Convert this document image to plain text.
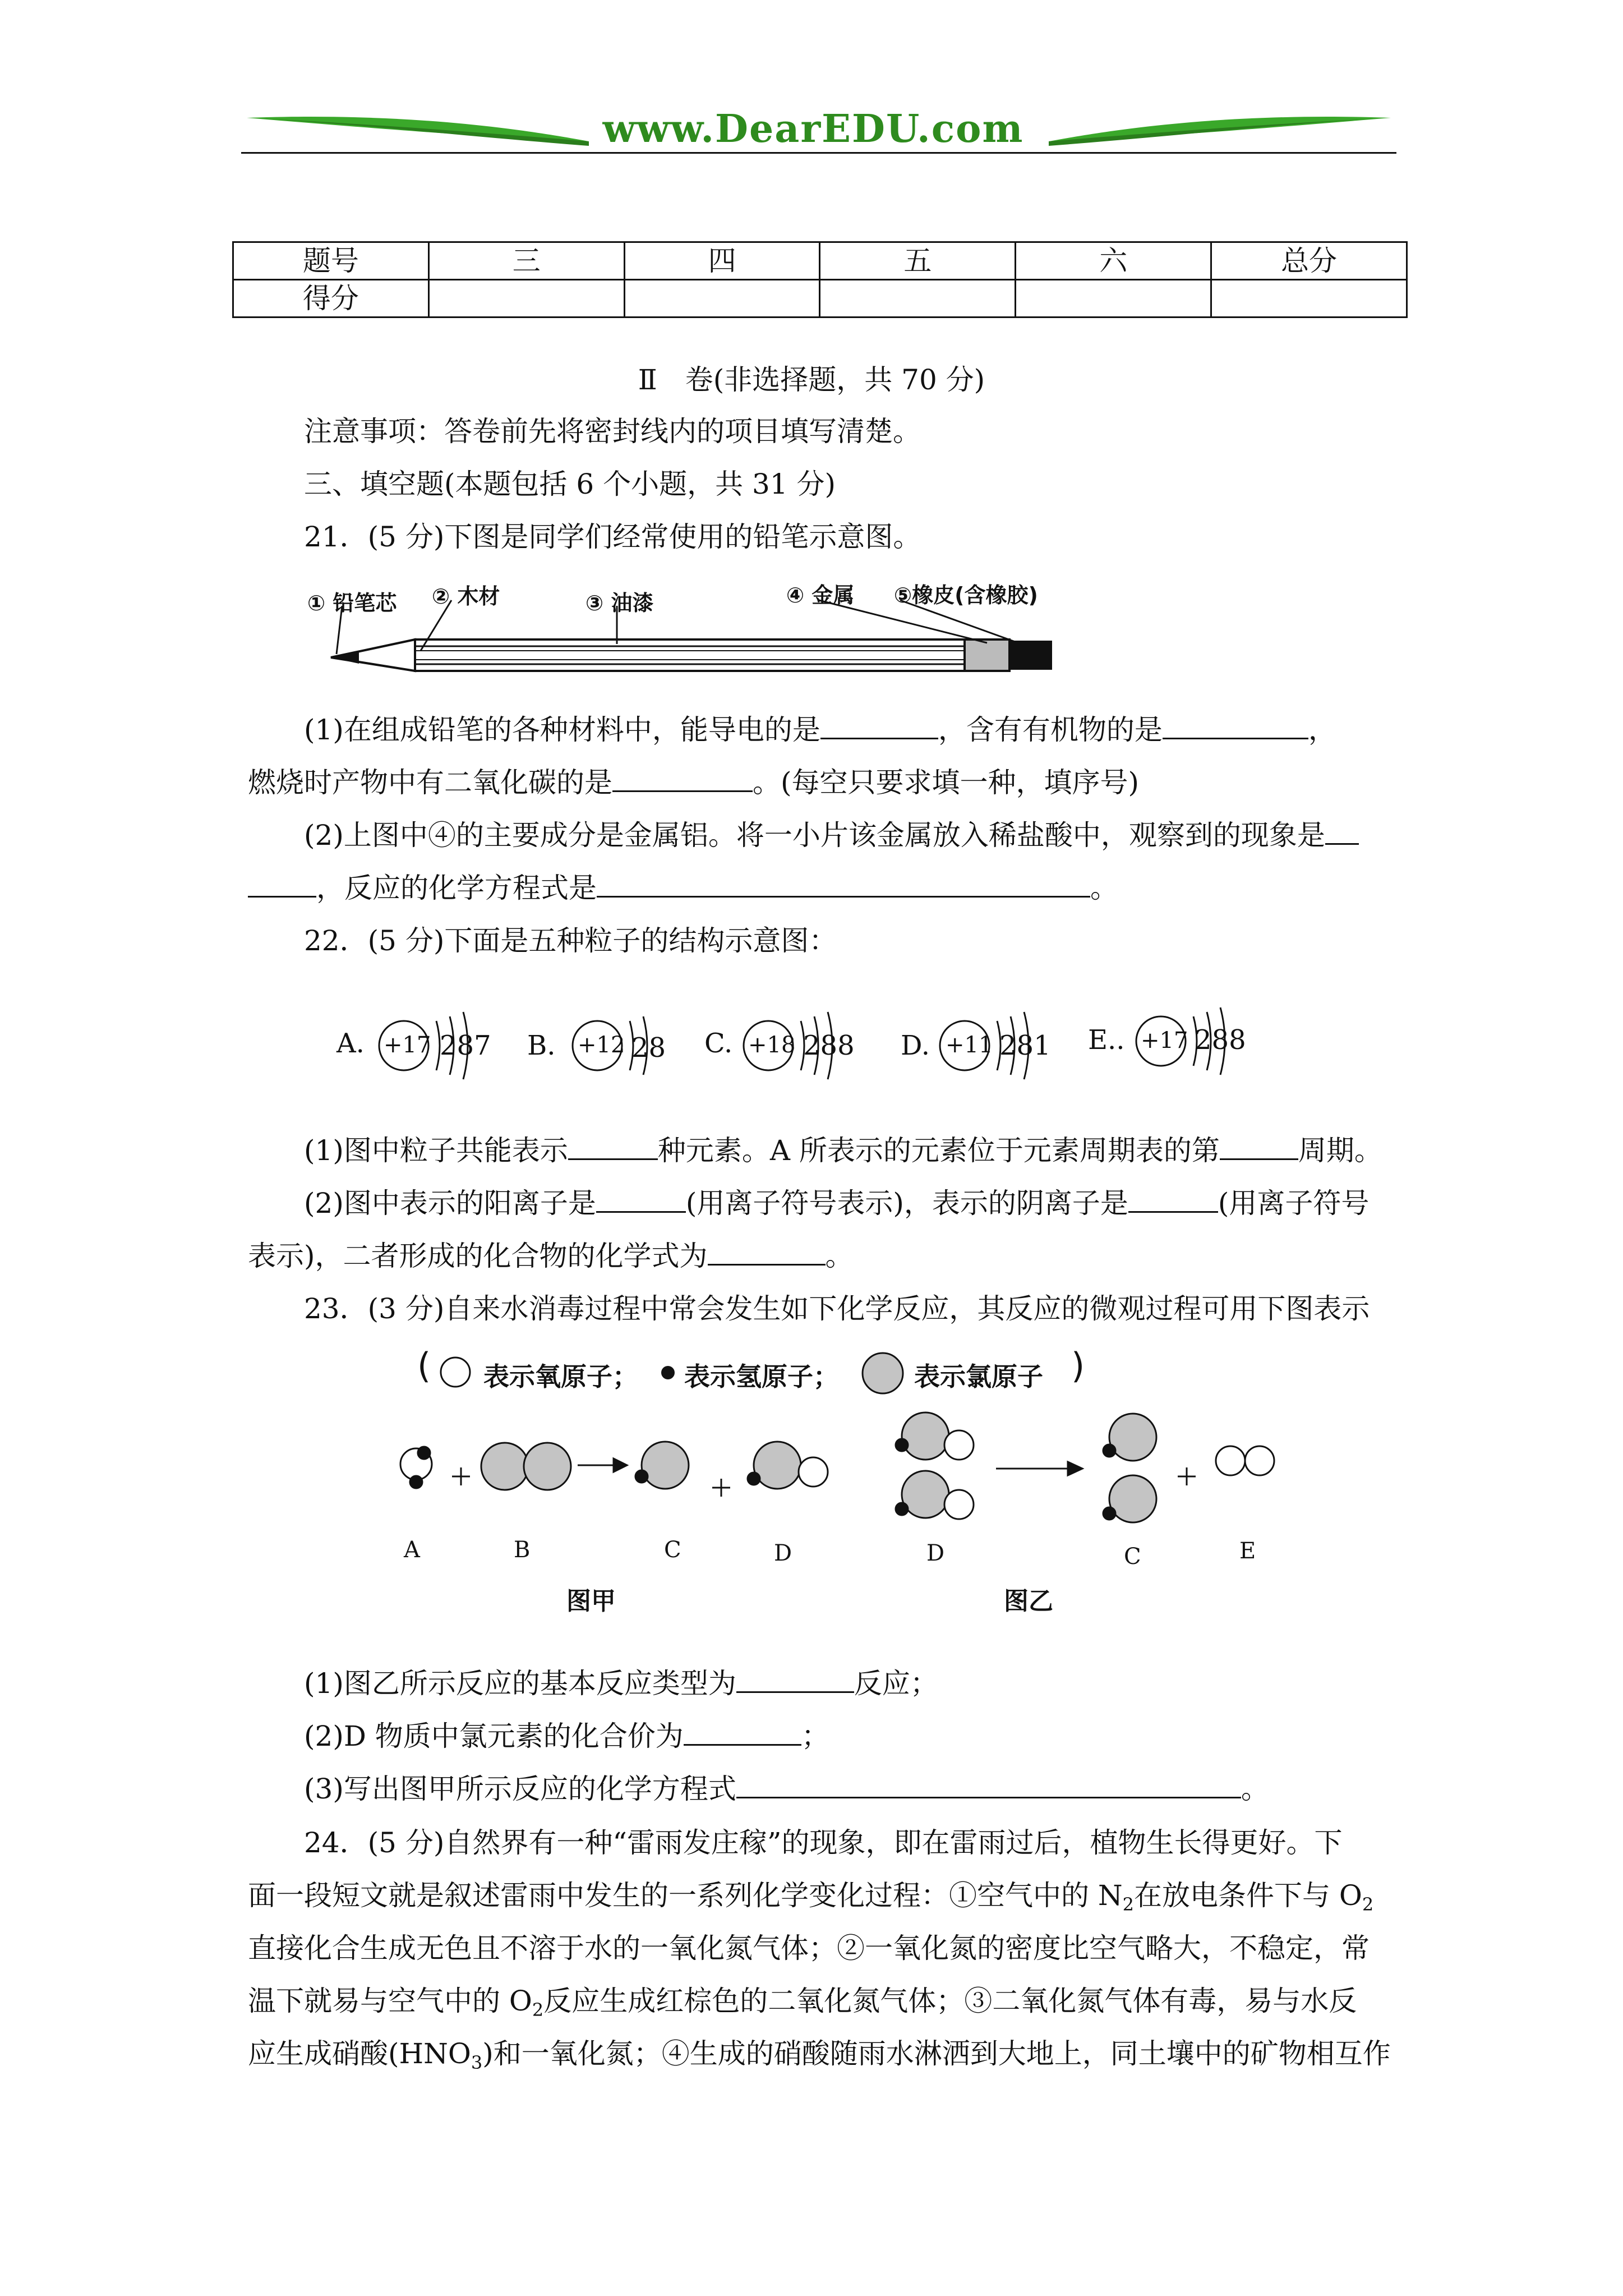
www.DearEDU.com
题号	三	四	五	六	总分
得分					
Ⅱ　卷(非选择题，共 70 分)
注意事项：答卷前先将密封线内的项目填写清楚。
三、填空题(本题包括 6 个小题，共 31 分)
21．(5 分)下图是同学们经常使用的铅笔示意图。
① 铅笔芯 ② 木材	③ 油漆	④ 金属 ⑤橡皮(含橡胶)
(1)在组成铅笔的各种材料中，能导电的是	，含有有机物的是	，
燃烧时产物中有二氧化碳的是	。(每空只要求填一种，填序号)
(2)上图中④的主要成分是金属铝。将一小片该金属放入稀盐酸中，观察到的现象是
，反应的化学方程式是	。
22．(5 分)下面是五种粒子的结构示意图：
A. +17 287 B. +12 28 C. +18 288 D. +11 281 E.. +17 288
(1)图中粒子共能表示	种元素。A 所表示的元素位于元素周期表的第	周期。
(2)图中表示的阳离子是	(用离子符号表示)，表示的阴离子是	(用离子符号
表示)，二者形成的化合物的化学式为	。
23．(3 分)自来水消毒过程中常会发生如下化学反应，其反应的微观过程可用下图表示
( 表示氧原子； 表示氢原子；	表示氯原子 )
A	B	C	D	D	C	E
图甲	图乙
(1)图乙所示反应的基本反应类型为	反应；
(2)D 物质中氯元素的化合价为	；
(3)写出图甲所示反应的化学方程式	。
24．(5 分)自然界有一种“雷雨发庄稼”的现象，即在雷雨过后，植物生长得更好。下
面一段短文就是叙述雷雨中发生的一系列化学变化过程：①空气中的 $N_2$在放电条件下与 $O_2$
直接化合生成无色且不溶于水的一氧化氮气体；②一氧化氮的密度比空气略大，不稳定，常
温下就易与空气中的 $O_2$反应生成红棕色的二氧化氮气体；③二氧化氮气体有毒，易与水反
应生成硝酸$(HNO_3)$和一氧化氮；④生成的硝酸随雨水淋洒到大地上，同土壤中的矿物相互作
